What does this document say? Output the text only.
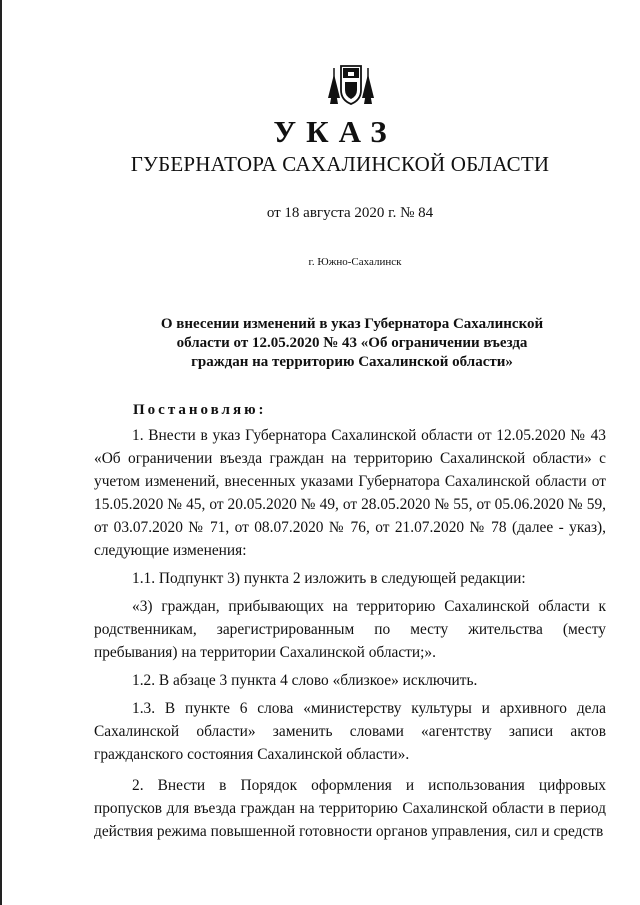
УКАЗ
ГУБЕРНАТОРА САХАЛИНСКОЙ ОБЛАСТИ
от 18 августа 2020 г. № 84
г. Южно-Сахалинск
О внесении изменений в указ Губернатора Сахалинской
области от 12.05.2020 № 43 «Об ограничении въезда
граждан на территорию Сахалинской области»
Постановляю:

1. Внести в указ Губернатора Сахалинской области от 12.05.2020 № 43 «Об ограничении въезда граждан на территорию Сахалинской области» с учетом изменений, внесенных указами Губернатора Сахалинской области от 15.05.2020 № 45, от 20.05.2020 № 49, от 28.05.2020 № 55, от 05.06.2020 № 59, от 03.07.2020 № 71, от 08.07.2020 № 76, от 21.07.2020 № 78 (далее - указ), следующие изменения:

1.1. Подпункт 3) пункта 2 изложить в следующей редакции:

«3) граждан, прибывающих на территорию Сахалинской области к родственникам, зарегистрированным по месту жительства (месту пребывания) на территории Сахалинской области;».

1.2. В абзаце 3 пункта 4 слово «близкое» исключить.

1.3. В пункте 6 слова «министерству культуры и архивного дела Сахалинской области» заменить словами «агентству записи актов гражданского состояния Сахалинской области».

2. Внести в Порядок оформления и использования цифровых пропусков для въезда граждан на территорию Сахалинской области в период действия режима повышенной готовности органов управления, сил и средств
